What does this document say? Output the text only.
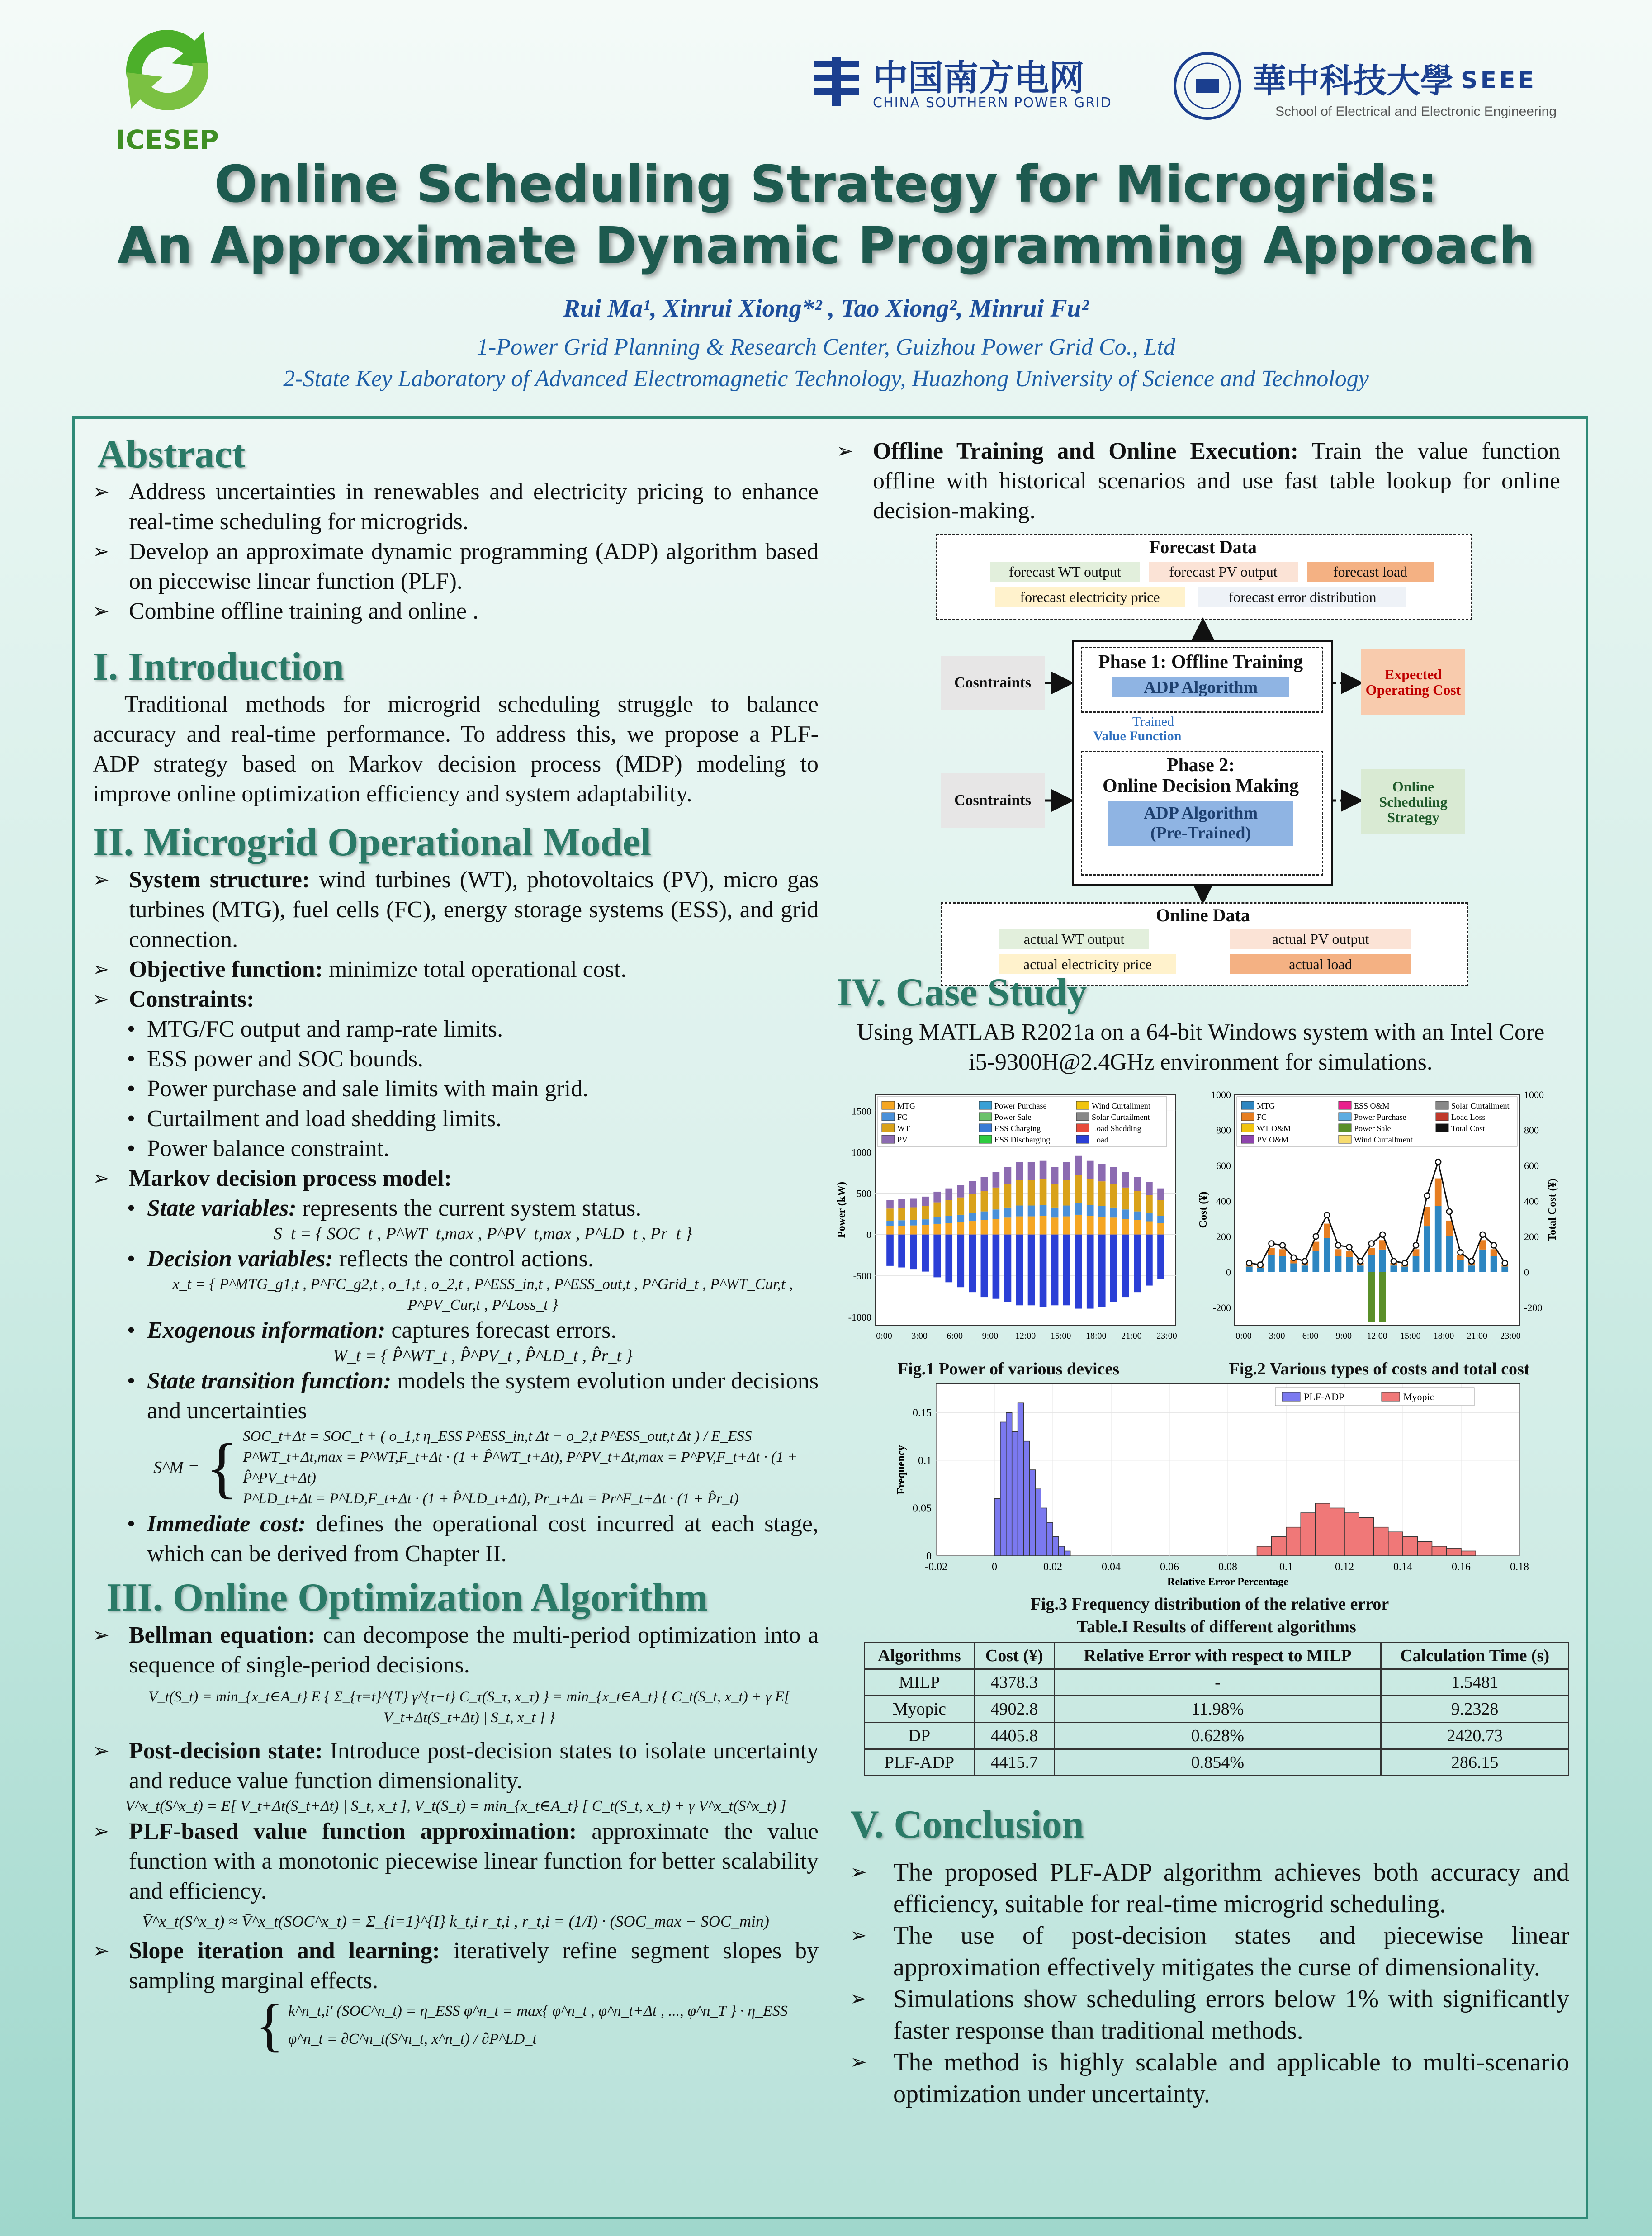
ICESEP
中国南方电网
CHINA SOUTHERN POWER GRID
華中科技大學 SEEE
School of Electrical and Electronic Engineering
Online Scheduling Strategy for Microgrids:
An Approximate Dynamic Programming Approach
Rui Ma¹, Xinrui Xiong*² , Tao Xiong², Minrui Fu²
1-Power Grid Planning & Research Center, Guizhou Power Grid Co., Ltd
2-State Key Laboratory of Advanced Electromagnetic Technology, Huazhong University of Science and Technology
Abstract
➢ Address uncertainties in renewables and electricity pricing to enhance real-time scheduling for microgrids.
➢ Develop an approximate dynamic programming (ADP) algorithm based on piecewise linear function (PLF).
➢ Combine offline training and online .
I. Introduction
Traditional methods for microgrid scheduling struggle to balance accuracy and real-time performance. To address this, we propose a PLF-ADP strategy based on Markov decision process (MDP) modeling to improve online optimization efficiency and system adaptability.
II. Microgrid Operational Model
➢ System structure: wind turbines (WT), photovoltaics (PV), micro gas turbines (MTG), fuel cells (FC), energy storage systems (ESS), and grid connection.
➢ Objective function: minimize total operational cost.
➢ Constraints:
• MTG/FC output and ramp-rate limits.
• ESS power and SOC bounds.
• Power purchase and sale limits with main grid.
• Curtailment and load shedding limits.
• Power balance constraint.
➢ Markov decision process model:
• State variables: represents the current system status.
S_t = { SOC_t , P^WT_t,max , P^PV_t,max , P^LD_t , Pr_t }
• Decision variables: reflects the control actions.
x_t = { P^MTG_g1,t , P^FC_g2,t , o_1,t , o_2,t , P^ESS_in,t , P^ESS_out,t , P^Grid_t , P^WT_Cur,t , P^PV_Cur,t , P^Loss_t }
• Exogenous information: captures forecast errors.
W_t = { P̂^WT_t , P̂^PV_t , P̂^LD_t , P̂r_t }
• State transition function: models the system evolution under decisions and uncertainties
S^M = { SOC_t+Δt = SOC_t + ( o_1,t η_ESS P^ESS_in,t Δt − o_2,t P^ESS_out,t Δt ) / E_ESS
P^WT_t+Δt,max = P^WT,F_t+Δt · (1 + P̂^WT_t+Δt), P^PV_t+Δt,max = P^PV,F_t+Δt · (1 + P̂^PV_t+Δt)
P^LD_t+Δt = P^LD,F_t+Δt · (1 + P̂^LD_t+Δt), Pr_t+Δt = Pr^F_t+Δt · (1 + P̂r_t)
• Immediate cost: defines the operational cost incurred at each stage, which can be derived from Chapter II.
III. Online Optimization Algorithm
➢ Bellman equation: can decompose the multi-period optimization into a sequence of single-period decisions.
V_t(S_t) = min_{x_t∈A_t} E { Σ_{τ=t}^{T} γ^{τ−t} C_τ(S_τ, x_τ) } = min_{x_t∈A_t} { C_t(S_t, x_t) + γ E[ V_t+Δt(S_t+Δt) | S_t, x_t ] }
➢ Post-decision state: Introduce post-decision states to isolate uncertainty and reduce value function dimensionality.
V^x_t(S^x_t) = E[ V_t+Δt(S_t+Δt) | S_t, x_t ], V_t(S_t) = min_{x_t∈A_t} [ C_t(S_t, x_t) + γ V^x_t(S^x_t) ]
➢ PLF-based value function approximation: approximate the value function with a monotonic piecewise linear function for better scalability and efficiency.
V̄^x_t(S^x_t) ≈ V̄^x_t(SOC^x_t) = Σ_{i=1}^{I} k_t,i r_t,i , r_t,i = (1/I) · (SOC_max − SOC_min)
➢ Slope iteration and learning: iteratively refine segment slopes by sampling marginal effects.
{ k^n_t,i′ (SOC^n_t) = η_ESS φ^n_t = max{ φ^n_t , φ^n_t+Δt , ..., φ^n_T } · η_ESS
φ^n_t = ∂C^n_t(S^n_t, x^n_t) / ∂P^LD_t
➢ Offline Training and Online Execution: Train the value function offline with historical scenarios and use fast table lookup for online decision-making.
Forecast Data
forecast WT output	forecast PV output	forecast load
forecast electricity price	forecast error distribution
Phase 1: Offline Training
ADP Algorithm
Trained
Value Function
Phase 2:
Online Decision Making
ADP Algorithm
(Pre-Trained)
Cosntraints
Cosntraints
Expected Operating Cost
Online Scheduling Strategy
Online Data
actual WT output	actual PV output
actual electricity price	actual load
IV. Case Study
Using MATLAB R2021a on a 64-bit Windows system with an Intel Core i5-9300H@2.4GHz environment for simulations.
1500
1000
500
0
-500
-1000
Power (kW)
0:00 3:00 6:00 9:00 12:00 15:00 18:00 21:00 23:00
MTG
FC
WT
PV
Power Purchase
Power Sale
ESS Charging
ESS Discharging
Wind Curtailment
Solar Curtailment
Load Shedding
Load
Fig.1 Power of various devices
1000	1000
800	800
600	600
400	400
200	200
0	0
-200	-200
Cost (¥)	Total Cost (¥)
0:00 3:00 6:00 9:00 12:00 15:00 18:00 21:00 23:00
MTG
FC
WT O&M
PV O&M
ESS O&M
Power Purchase
Power Sale
Wind Curtailment
Solar Curtailment
Load Loss
Total Cost
Fig.2 Various types of costs and total cost
-0.02	0	0.02	0.04	0.06	0.08	0.1	0.12	0.14	0.16	0.18
0.15
0.1
0.05
0
Relative Error Percentage
Frequency
PLF-ADP	Myopic
Fig.3 Frequency distribution of the relative error
Table.I Results of different algorithms
Algorithms	Cost (¥)	Relative Error with respect to MILP	Calculation Time (s)
MILP	4378.3	-	1.5481
Myopic	4902.8	11.98%	9.2328
DP	4405.8	0.628%	2420.73
PLF-ADP	4415.7	0.854%	286.15
V. Conclusion
➢	The proposed PLF-ADP algorithm achieves both accuracy and efficiency, suitable for real-time microgrid scheduling.
➢	The use of post-decision states and piecewise linear approximation effectively mitigates the curse of dimensionality.
➢	Simulations show scheduling errors below 1% with significantly faster response than traditional methods.
➢	The method is highly scalable and applicable to multi-scenario optimization under uncertainty.
